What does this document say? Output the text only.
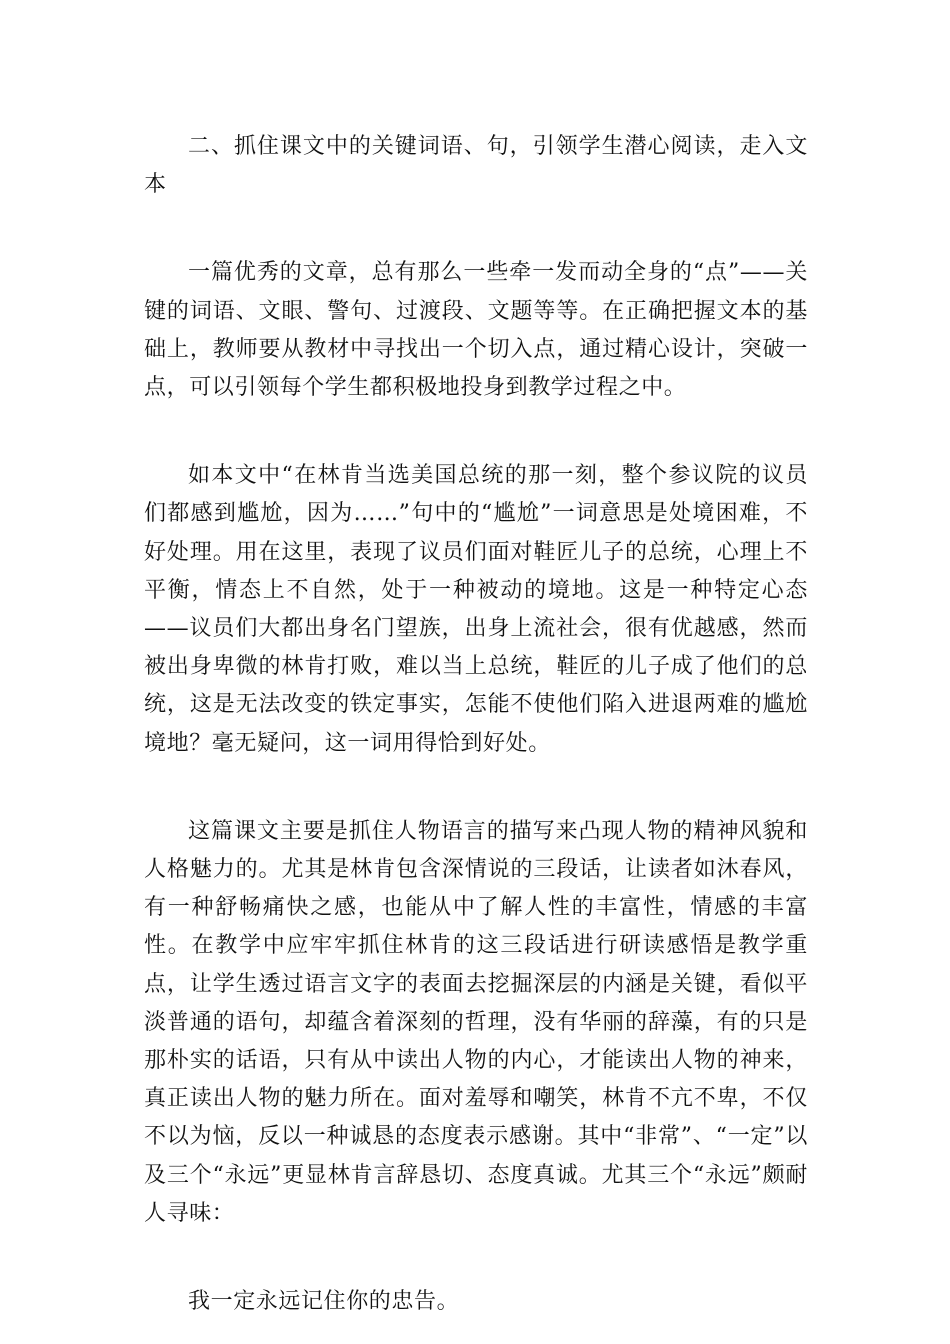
二、抓住课文中的关键词语、句，引领学生潜心阅读，走入文本

一篇优秀的文章，总有那么一些牵一发而动全身的“点”——关键的词语、文眼、警句、过渡段、文题等等。在正确把握文本的基础上，教师要从教材中寻找出一个切入点，通过精心设计，突破一点，可以引领每个学生都积极地投身到教学过程之中。

如本文中“在林肯当选美国总统的那一刻，整个参议院的议员们都感到尴尬，因为……”句中的“尴尬”一词意思是处境困难，不好处理。用在这里，表现了议员们面对鞋匠儿子的总统，心理上不平衡，情态上不自然，处于一种被动的境地。这是一种特定心态——议员们大都出身名门望族，出身上流社会，很有优越感，然而被出身卑微的林肯打败，难以当上总统，鞋匠的儿子成了他们的总统，这是无法改变的铁定事实，怎能不使他们陷入进退两难的尴尬境地？毫无疑问，这一词用得恰到好处。

这篇课文主要是抓住人物语言的描写来凸现人物的精神风貌和人格魅力的。尤其是林肯包含深情说的三段话，让读者如沐春风，有一种舒畅痛快之感，也能从中了解人性的丰富性，情感的丰富性。在教学中应牢牢抓住林肯的这三段话进行研读感悟是教学重点，让学生透过语言文字的表面去挖掘深层的内涵是关键，看似平淡普通的语句，却蕴含着深刻的哲理，没有华丽的辞藻，有的只是那朴实的话语，只有从中读出人物的内心，才能读出人物的神来，真正读出人物的魅力所在。面对羞辱和嘲笑，林肯不亢不卑，不仅不以为恼，反以一种诚恳的态度表示感谢。其中“非常”、“一定”以及三个“永远”更显林肯言辞恳切、态度真诚。尤其三个“永远”颇耐人寻味：

我一定永远记住你的忠告。
